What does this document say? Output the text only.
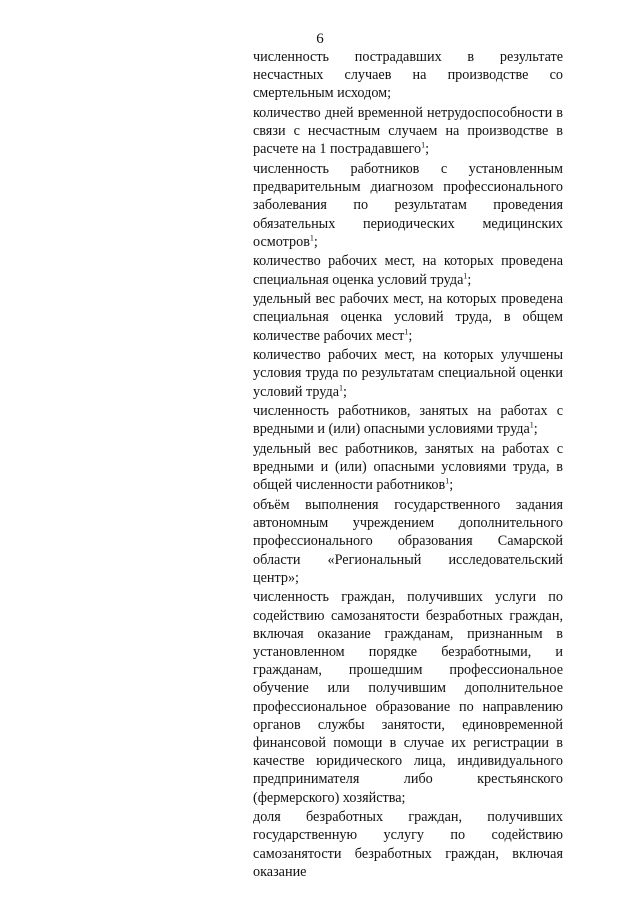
6

численность пострадавших в результате несчастных случаев на производстве со смертельным исходом;

количество дней временной нетрудоспособности в связи с несчастным случаем на производстве в расчете на 1 пострадавшего$^1$;

численность работников с установленным предварительным диагнозом профессионального заболевания по результатам проведения обязательных периодических медицинских осмотров$^1$;

количество рабочих мест, на которых проведена специальная оценка условий труда$^1$;

удельный вес рабочих мест, на которых проведена специальная оценка условий труда, в общем количестве рабочих мест$^1$;

количество рабочих мест, на которых улучшены условия труда по результатам специальной оценки условий труда$^1$;

численность работников, занятых на работах с вредными и (или) опасными условиями труда$^1$;

удельный вес работников, занятых на работах с вредными и (или) опасными условиями труда, в общей численности работников$^1$;

объём выполнения государственного задания автономным учреждением дополнительного профессионального образования Самарской области «Региональный исследовательский центр»;

численность граждан, получивших услуги по содействию самозанятости безработных граждан, включая оказание гражданам, признанным в установленном порядке безработными, и гражданам, прошедшим профессиональное обучение или получившим дополнительное профессиональное образование по направлению органов службы занятости, единовременной финансовой помощи в случае их регистрации в качестве юридического лица, индивидуального предпринимателя либо крестьянского (фермерского) хозяйства;

доля безработных граждан, получивших государственную услугу по содействию самозанятости безработных граждан, включая оказание
